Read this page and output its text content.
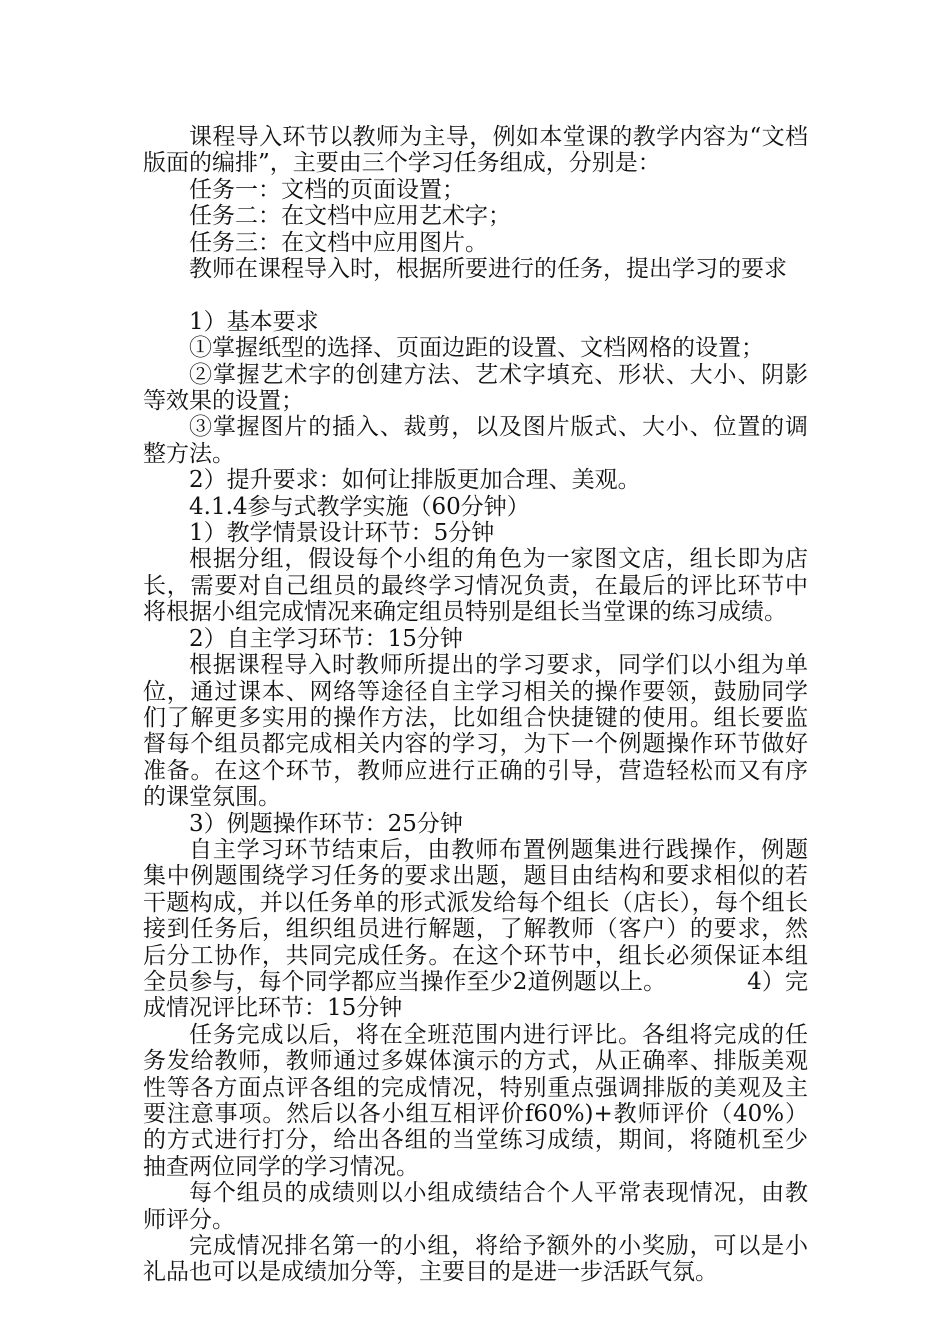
课程导入环节以教师为主导，例如本堂课的教学内容为“文档版面的编排”，主要由三个学习任务组成，分别是：

任务一：文档的页面设置；

任务二：在文档中应用艺术字；

任务三：在文档中应用图片。

教师在课程导入时，根据所要进行的任务，提出学习的要求

1）基本要求

①掌握纸型的选择、页面边距的设置、文档网格的设置；

②掌握艺术字的创建方法、艺术字填充、形状、大小、阴影等效果的设置；

③掌握图片的插入、裁剪，以及图片版式、大小、位置的调整方法。

2）提升要求：如何让排版更加合理、美观。

4.1.4参与式教学实施（60分钟）

1）教学情景设计环节：5分钟

根据分组，假设每个小组的角色为一家图文店，组长即为店长，需要对自己组员的最终学习情况负责，在最后的评比环节中将根据小组完成情况来确定组员特别是组长当堂课的练习成绩。

2）自主学习环节：15分钟

根据课程导入时教师所提出的学习要求，同学们以小组为单位，通过课本、网络等途径自主学习相关的操作要领，鼓励同学们了解更多实用的操作方法，比如组合快捷键的使用。组长要监督每个组员都完成相关内容的学习，为下一个例题操作环节做好准备。在这个环节，教师应进行正确的引导，营造轻松而又有序的课堂氛围。

3）例题操作环节：25分钟

自主学习环节结束后，由教师布置例题集进行践操作，例题集中例题围绕学习任务的要求出题，题目由结构和要求相似的若干题构成，并以任务单的形式派发给每个组长（店长），每个组长接到任务后，组织组员进行解题，了解教师（客户）的要求，然后分工协作，共同完成任务。在这个环节中，组长必须保证本组全员参与，每个同学都应当操作至少2道例题以上。　　　　4）完成情况评比环节：15分钟

任务完成以后，将在全班范围内进行评比。各组将完成的任务发给教师，教师通过多媒体演示的方式，从正确率、排版美观性等各方面点评各组的完成情况，特别重点强调排版的美观及主要注意事项。然后以各小组互相评价f60%)+教师评价（40%）的方式进行打分，给出各组的当堂练习成绩，期间，将随机至少抽查两位同学的学习情况。

每个组员的成绩则以小组成绩结合个人平常表现情况，由教师评分。

完成情况排名第一的小组，将给予额外的小奖励，可以是小礼品也可以是成绩加分等，主要目的是进一步活跃气氛。
